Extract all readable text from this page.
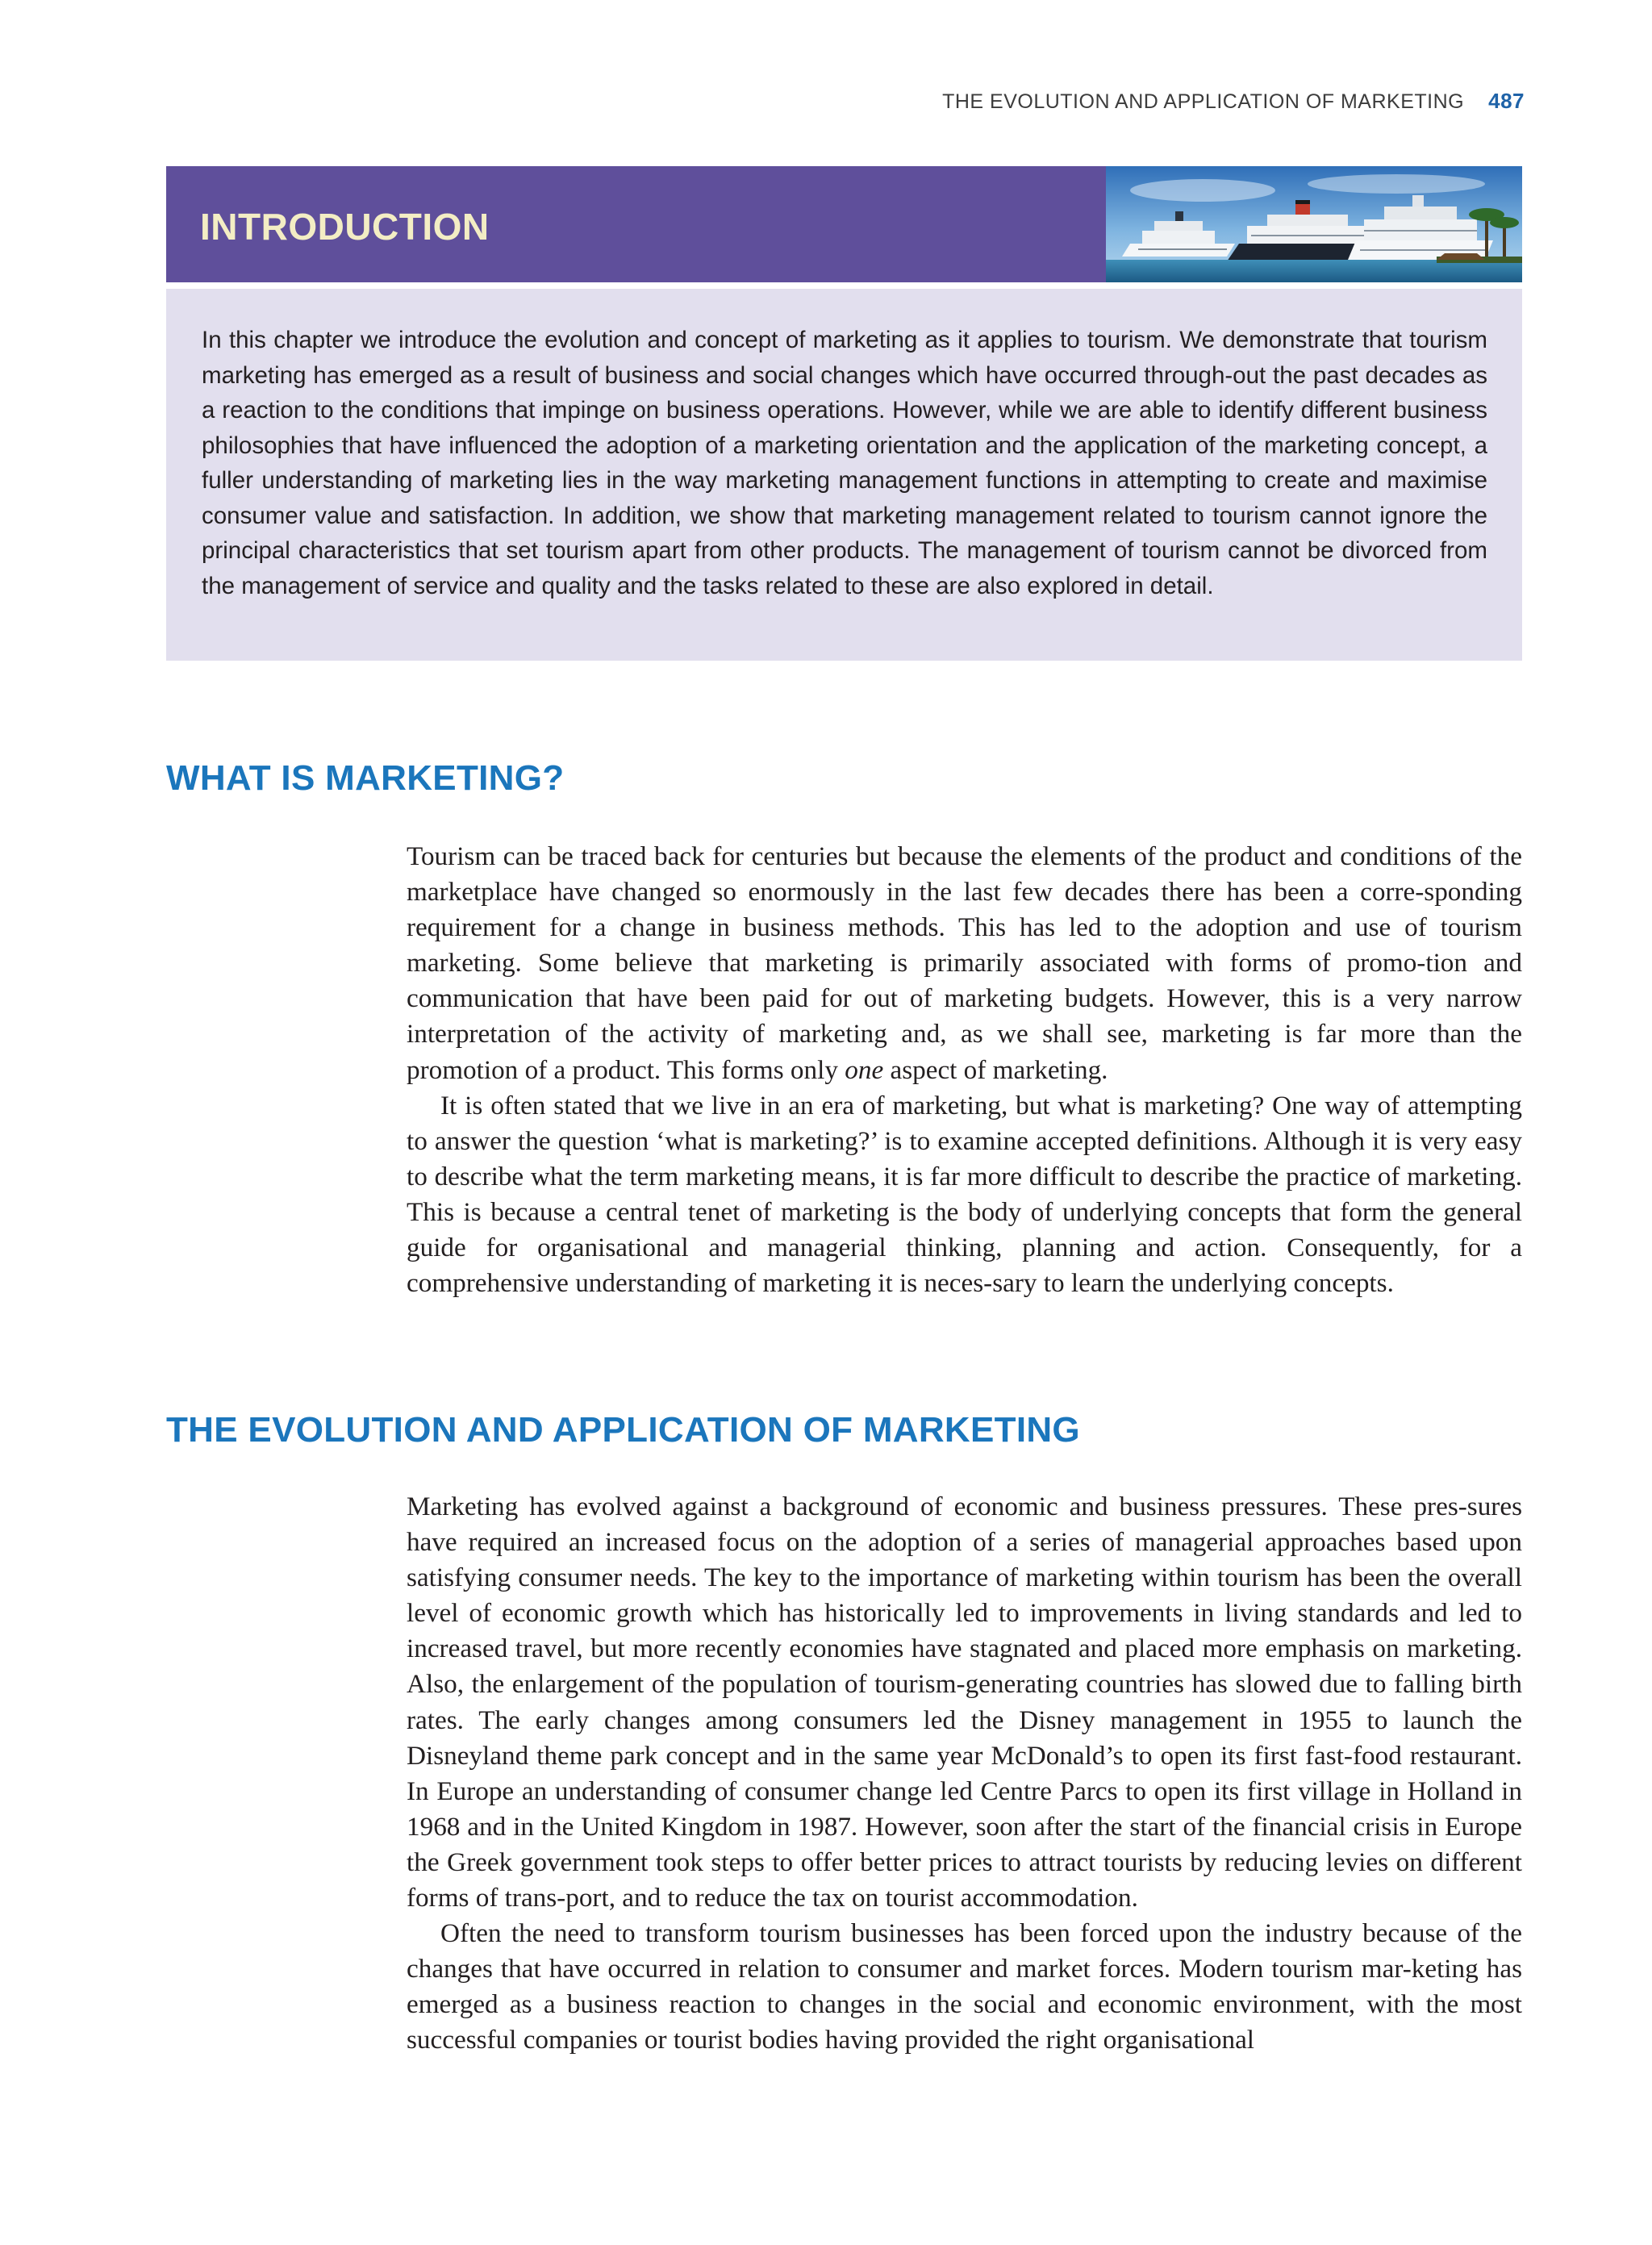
THE EVOLUTION AND APPLICATION OF MARKETING 487
INTRODUCTION

In this chapter we introduce the evolution and concept of marketing as it applies to tourism. We demonstrate that tourism marketing has emerged as a result of business and social changes which have occurred through-out the past decades as a reaction to the conditions that impinge on business operations. However, while we are able to identify different business philosophies that have influenced the adoption of a marketing orientation and the application of the marketing concept, a fuller understanding of marketing lies in the way marketing management functions in attempting to create and maximise consumer value and satisfaction. In addition, we show that marketing management related to tourism cannot ignore the principal characteristics that set tourism apart from other products. The management of tourism cannot be divorced from the management of service and quality and the tasks related to these are also explored in detail.

WHAT IS MARKETING?

Tourism can be traced back for centuries but because the elements of the product and conditions of the marketplace have changed so enormously in the last few decades there has been a corre-sponding requirement for a change in business methods. This has led to the adoption and use of tourism marketing. Some believe that marketing is primarily associated with forms of promo-tion and communication that have been paid for out of marketing budgets. However, this is a very narrow interpretation of the activity of marketing and, as we shall see, marketing is far more than the promotion of a product. This forms only one aspect of marketing.

It is often stated that we live in an era of marketing, but what is marketing? One way of attempting to answer the question ‘what is marketing?’ is to examine accepted definitions. Although it is very easy to describe what the term marketing means, it is far more difficult to describe the practice of marketing. This is because a central tenet of marketing is the body of underlying concepts that form the general guide for organisational and managerial thinking, planning and action. Consequently, for a comprehensive understanding of marketing it is neces-sary to learn the underlying concepts.

THE EVOLUTION AND APPLICATION OF MARKETING

Marketing has evolved against a background of economic and business pressures. These pres-sures have required an increased focus on the adoption of a series of managerial approaches based upon satisfying consumer needs. The key to the importance of marketing within tourism has been the overall level of economic growth which has historically led to improvements in living standards and led to increased travel, but more recently economies have stagnated and placed more emphasis on marketing. Also, the enlargement of the population of tourism-generating countries has slowed due to falling birth rates. The early changes among consumers led the Disney management in 1955 to launch the Disneyland theme park concept and in the same year McDonald’s to open its first fast-food restaurant. In Europe an understanding of consumer change led Centre Parcs to open its first village in Holland in 1968 and in the United Kingdom in 1987. However, soon after the start of the financial crisis in Europe the Greek government took steps to offer better prices to attract tourists by reducing levies on different forms of trans-port, and to reduce the tax on tourist accommodation.

Often the need to transform tourism businesses has been forced upon the industry because of the changes that have occurred in relation to consumer and market forces. Modern tourism mar-keting has emerged as a business reaction to changes in the social and economic environment, with the most successful companies or tourist bodies having provided the right organisational
